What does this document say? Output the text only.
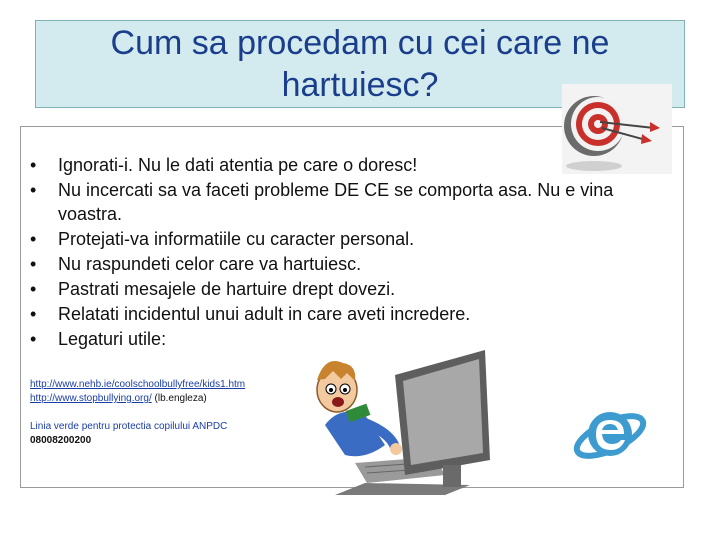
Cum sa procedam cu cei care ne hartuiesc?
• Ignorati-i. Nu le dati atentia pe care o doresc!
• Nu incercati sa va faceti probleme DE CE se comporta asa. Nu e vina voastra.
• Protejati-va informatiile cu caracter personal.
• Nu raspundeti celor care va hartuiesc.
• Pastrati mesajele de hartuire drept dovezi.
• Relatati incidentul unui adult in care aveti incredere.
• Legaturi utile:
http://www.nehb.ie/coolschoolbullyfree/kids1.htm
http://www.stopbullying.org/ (lb.engleza)
Linia verde pentru protectia copilului ANPDC
08008200200
